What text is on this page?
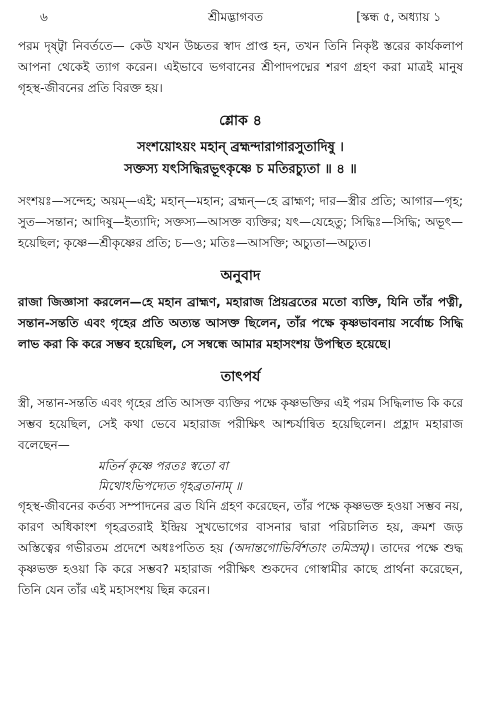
৬	শ্রীমদ্ভাগবত	[স্কন্ধ ৫, অধ্যায় ১
পরম দৃষ্ট্বা নিবর্ততে— কেউ যখন উচ্চতর স্বাদ প্রাপ্ত হন, তখন তিনি নিকৃষ্ট স্তরের কার্যকলাপ আপনা থেকেই ত্যাগ করেন। এইভাবে ভগবানের শ্রীপাদপদ্মের শরণ গ্রহণ করা মাত্রই মানুষ গৃহস্থ-জীবনের প্রতি বিরক্ত হয়।
শ্লোক ৪
সংশয়োঽয়ং মহান্ ব্রহ্মন্দারাগারসুতাদিষু ।
সক্তস্য যৎসিদ্ধিরভূৎকৃষ্ণে চ মতিরচ্যুতা ॥ ৪ ॥
সংশয়ঃ—সন্দেহ; অয়ম্—এই; মহান্—মহান; ব্রহ্মন্—হে ব্রাহ্মণ; দার—স্ত্রীর প্রতি; আগার—গৃহ; সুত—সন্তান; আদিষু—ইত্যাদি; সক্তস্য—আসক্ত ব্যক্তির; যৎ—যেহেতু; সিদ্ধিঃ—সিদ্ধি; অভূৎ—হয়েছিল; কৃষ্ণে—শ্রীকৃষ্ণের প্রতি; চ—ও; মতিঃ—আসক্তি; অচ্যুতা—অচ্যুত।
অনুবাদ
রাজা জিজ্ঞাসা করলেন—হে মহান ব্রাহ্মণ, মহারাজ প্রিয়ব্রতের মতো ব্যক্তি, যিনি তাঁর পত্নী, সন্তান-সন্ততি এবং গৃহের প্রতি অত্যন্ত আসক্ত ছিলেন, তাঁর পক্ষে কৃষ্ণভাবনায় সর্বোচ্চ সিদ্ধি লাভ করা কি করে সম্ভব হয়েছিল, সে সম্বন্ধে আমার মহাসংশয় উপস্থিত হয়েছে।
তাৎপর্য
স্ত্রী, সন্তান-সন্ততি এবং গৃহের প্রতি আসক্ত ব্যক্তির পক্ষে কৃষ্ণভক্তির এই পরম সিদ্ধিলাভ কি করে সম্ভব হয়েছিল, সেই কথা ভেবে মহারাজ পরীক্ষিৎ আশ্চর্যান্বিত হয়েছিলেন। প্রহ্লাদ মহারাজ বলেছেন—
মতির্ন কৃষ্ণে পরতঃ স্বতো বা
মিথোঽভিপদ্যেত গৃহব্রতানাম্ ॥
গৃহস্থ-জীবনের কর্তব্য সম্পাদনের ব্রত যিনি গ্রহণ করেছেন, তাঁর পক্ষে কৃষ্ণভক্ত হওয়া সম্ভব নয়, কারণ অধিকাংশ গৃহব্রতরাই ইন্দ্রিয় সুখভোগের বাসনার দ্বারা পরিচালিত হয়, ক্রমশ জড় অস্তিত্বের গভীরতম প্রদেশে অধঃপতিত হয় (অদান্তগোভির্বিশতাং তমিস্রম্)। তাদের পক্ষে শুদ্ধ কৃষ্ণভক্ত হওয়া কি করে সম্ভব? মহারাজ পরীক্ষিৎ শুকদেব গোস্বামীর কাছে প্রার্থনা করেছেন, তিনি যেন তাঁর এই মহাসংশয় ছিন্ন করেন।
